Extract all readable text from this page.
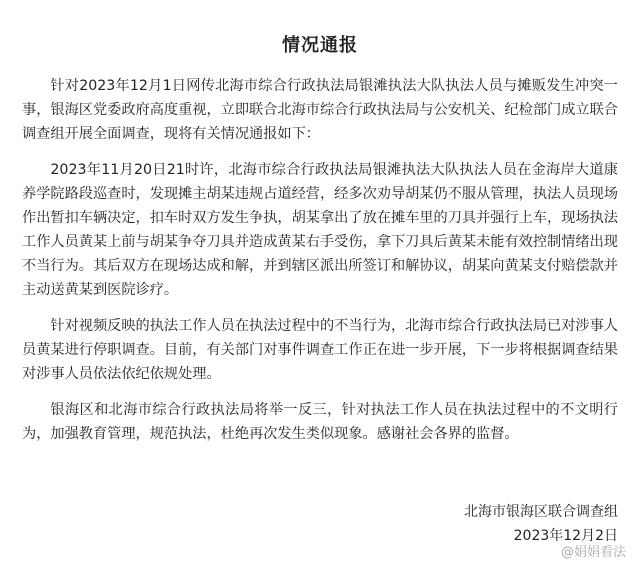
情况通报

针对2023年12月1日网传北海市综合行政执法局银滩执法大队执法人员与摊贩发生冲突一事，银海区党委政府高度重视，立即联合北海市综合行政执法局与公安机关、纪检部门成立联合调查组开展全面调查，现将有关情况通报如下：

2023年11月20日21时许，北海市综合行政执法局银滩执法大队执法人员在金海岸大道康养学院路段巡查时，发现摊主胡某违规占道经营，经多次劝导胡某仍不服从管理，执法人员现场作出暂扣车辆决定，扣车时双方发生争执，胡某拿出了放在摊车里的刀具并强行上车，现场执法工作人员黄某上前与胡某争夺刀具并造成黄某右手受伤，拿下刀具后黄某未能有效控制情绪出现不当行为。其后双方在现场达成和解，并到辖区派出所签订和解协议，胡某向黄某支付赔偿款并主动送黄某到医院诊疗。

针对视频反映的执法工作人员在执法过程中的不当行为，北海市综合行政执法局已对涉事人员黄某进行停职调查。目前，有关部门对事件调查工作正在进一步开展，下一步将根据调查结果对涉事人员依法依纪依规处理。

银海区和北海市综合行政执法局将举一反三，针对执法工作人员在执法过程中的不文明行为，加强教育管理，规范执法，杜绝再次发生类似现象。感谢社会各界的监督。

北海市银海区联合调查组
2023年12月2日
@娟娟看法
